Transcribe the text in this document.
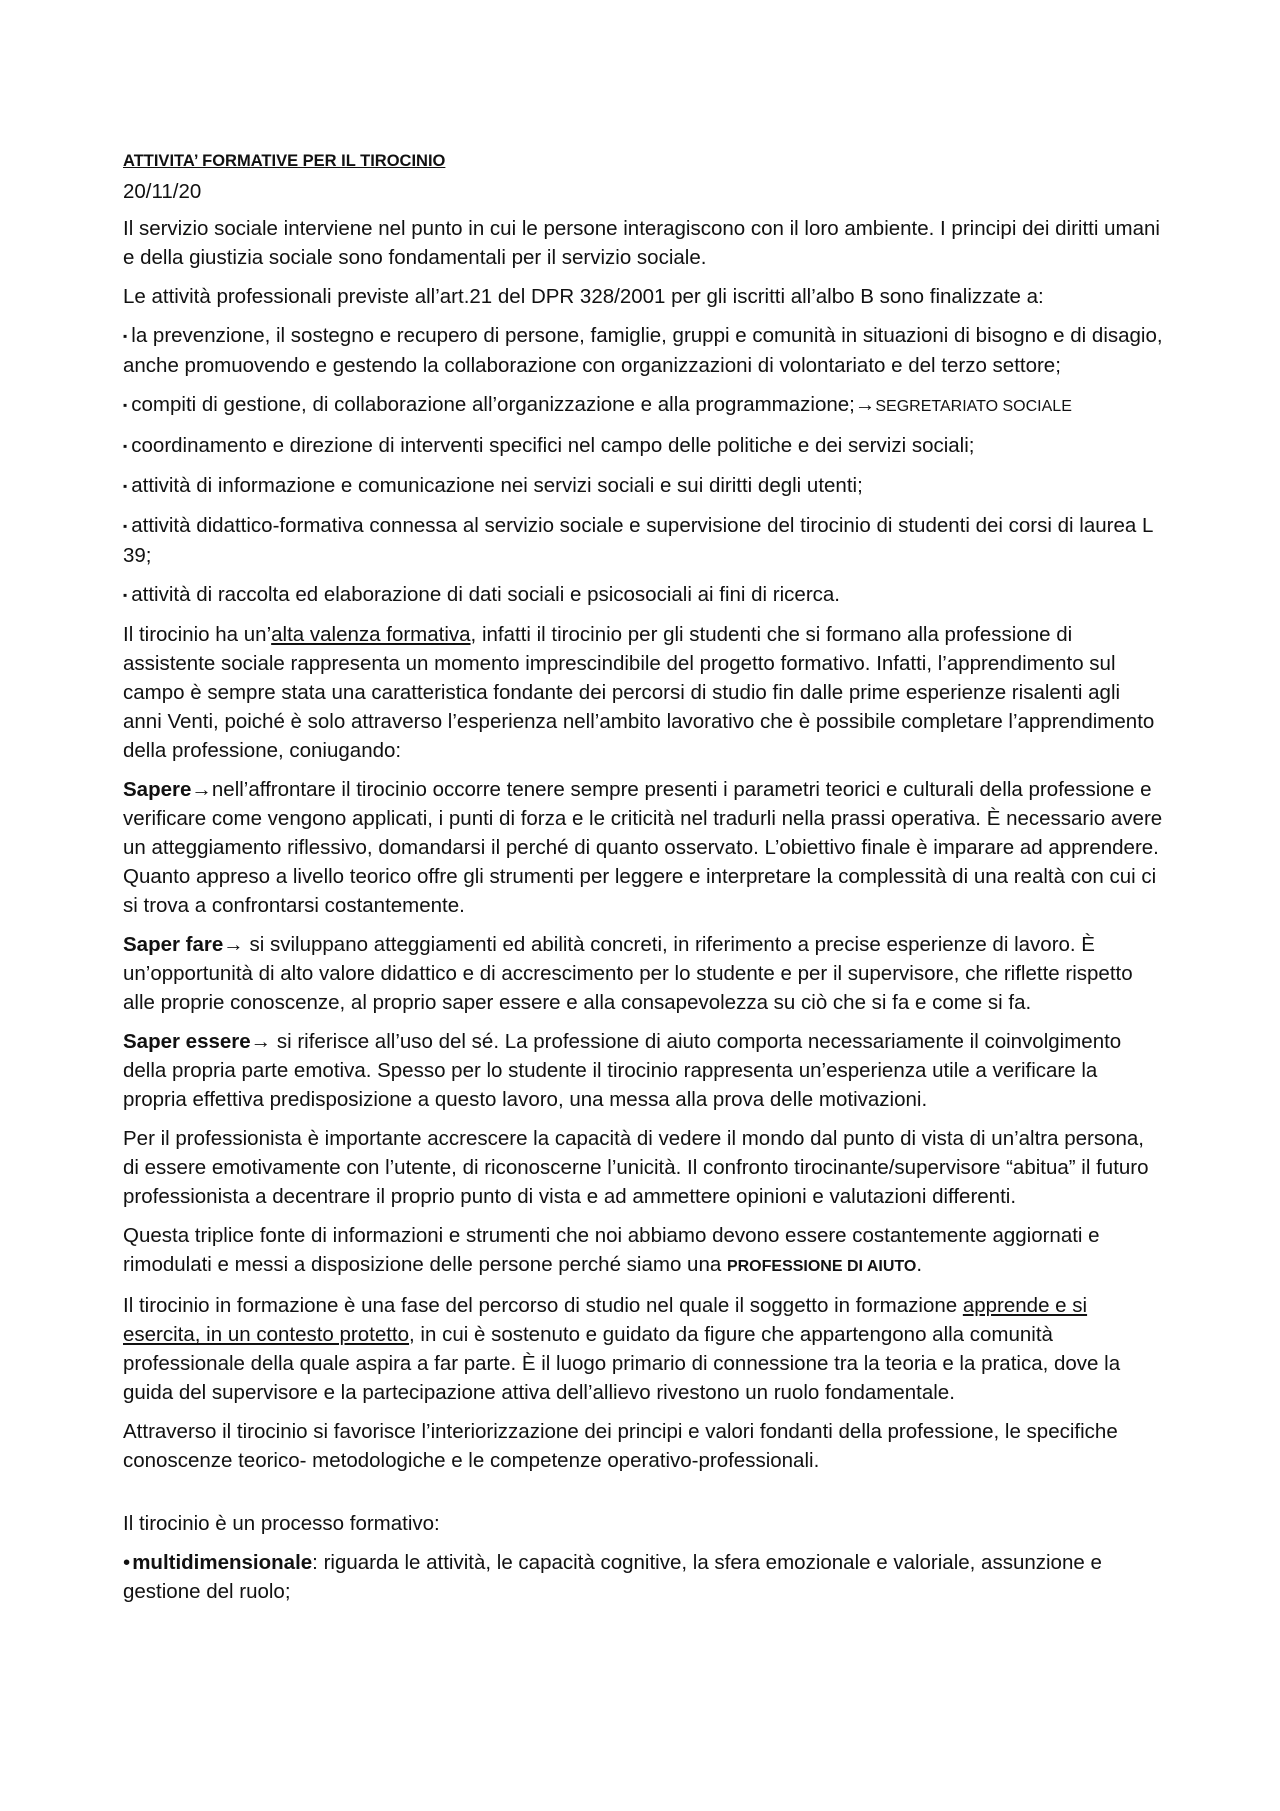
ATTIVITA’ FORMATIVE PER IL TIROCINIO
20/11/20

Il servizio sociale interviene nel punto in cui le persone interagiscono con il loro ambiente. I principi dei diritti umani e della giustizia sociale sono fondamentali per il servizio sociale.

Le attività professionali previste all’art.21 del DPR 328/2001 per gli iscritti all’albo B sono finalizzate a:

▪ la prevenzione, il sostegno e recupero di persone, famiglie, gruppi e comunità in situazioni di bisogno e di disagio, anche promuovendo e gestendo la collaborazione con organizzazioni di volontariato e del terzo settore;

▪ compiti di gestione, di collaborazione all’organizzazione e alla programmazione;→SEGRETARIATO SOCIALE

▪ coordinamento e direzione di interventi specifici nel campo delle politiche e dei servizi sociali;

▪ attività di informazione e comunicazione nei servizi sociali e sui diritti degli utenti;

▪ attività didattico-formativa connessa al servizio sociale e supervisione del tirocinio di studenti dei corsi di laurea L 39;

▪ attività di raccolta ed elaborazione di dati sociali e psicosociali ai fini di ricerca.

Il tirocinio ha un’alta valenza formativa, infatti il tirocinio per gli studenti che si formano alla professione di assistente sociale rappresenta un momento imprescindibile del progetto formativo. Infatti, l’apprendimento sul campo è sempre stata una caratteristica fondante dei percorsi di studio fin dalle prime esperienze risalenti agli anni Venti, poiché è solo attraverso l’esperienza nell’ambito lavorativo che è possibile completare l’apprendimento della professione, coniugando:

Sapere→nell’affrontare il tirocinio occorre tenere sempre presenti i parametri teorici e culturali della professione e verificare come vengono applicati, i punti di forza e le criticità nel tradurli nella prassi operativa. È necessario avere un atteggiamento riflessivo, domandarsi il perché di quanto osservato. L’obiettivo finale è imparare ad apprendere. Quanto appreso a livello teorico offre gli strumenti per leggere e interpretare la complessità di una realtà con cui ci si trova a confrontarsi costantemente.

Saper fare→ si sviluppano atteggiamenti ed abilità concreti, in riferimento a precise esperienze di lavoro. È un’opportunità di alto valore didattico e di accrescimento per lo studente e per il supervisore, che riflette rispetto alle proprie conoscenze, al proprio saper essere e alla consapevolezza su ciò che si fa e come si fa.

Saper essere→ si riferisce all’uso del sé. La professione di aiuto comporta necessariamente il coinvolgimento della propria parte emotiva. Spesso per lo studente il tirocinio rappresenta un’esperienza utile a verificare la propria effettiva predisposizione a questo lavoro, una messa alla prova delle motivazioni.

Per il professionista è importante accrescere la capacità di vedere il mondo dal punto di vista di un’altra persona, di essere emotivamente con l’utente, di riconoscerne l’unicità. Il confronto tirocinante/supervisore “abitua” il futuro professionista a decentrare il proprio punto di vista e ad ammettere opinioni e valutazioni differenti.

Questa triplice fonte di informazioni e strumenti che noi abbiamo devono essere costantemente aggiornati e rimodulati e messi a disposizione delle persone perché siamo una PROFESSIONE DI AIUTO.

Il tirocinio in formazione è una fase del percorso di studio nel quale il soggetto in formazione apprende e si esercita, in un contesto protetto, in cui è sostenuto e guidato da figure che appartengono alla comunità professionale della quale aspira a far parte. È il luogo primario di connessione tra la teoria e la pratica, dove la guida del supervisore e la partecipazione attiva dell’allievo rivestono un ruolo fondamentale.

Attraverso il tirocinio si favorisce l’interiorizzazione dei principi e valori fondanti della professione, le specifiche conoscenze teorico- metodologiche e le competenze operativo-professionali.

Il tirocinio è un processo formativo:

•multidimensionale: riguarda le attività, le capacità cognitive, la sfera emozionale e valoriale, assunzione e gestione del ruolo;
